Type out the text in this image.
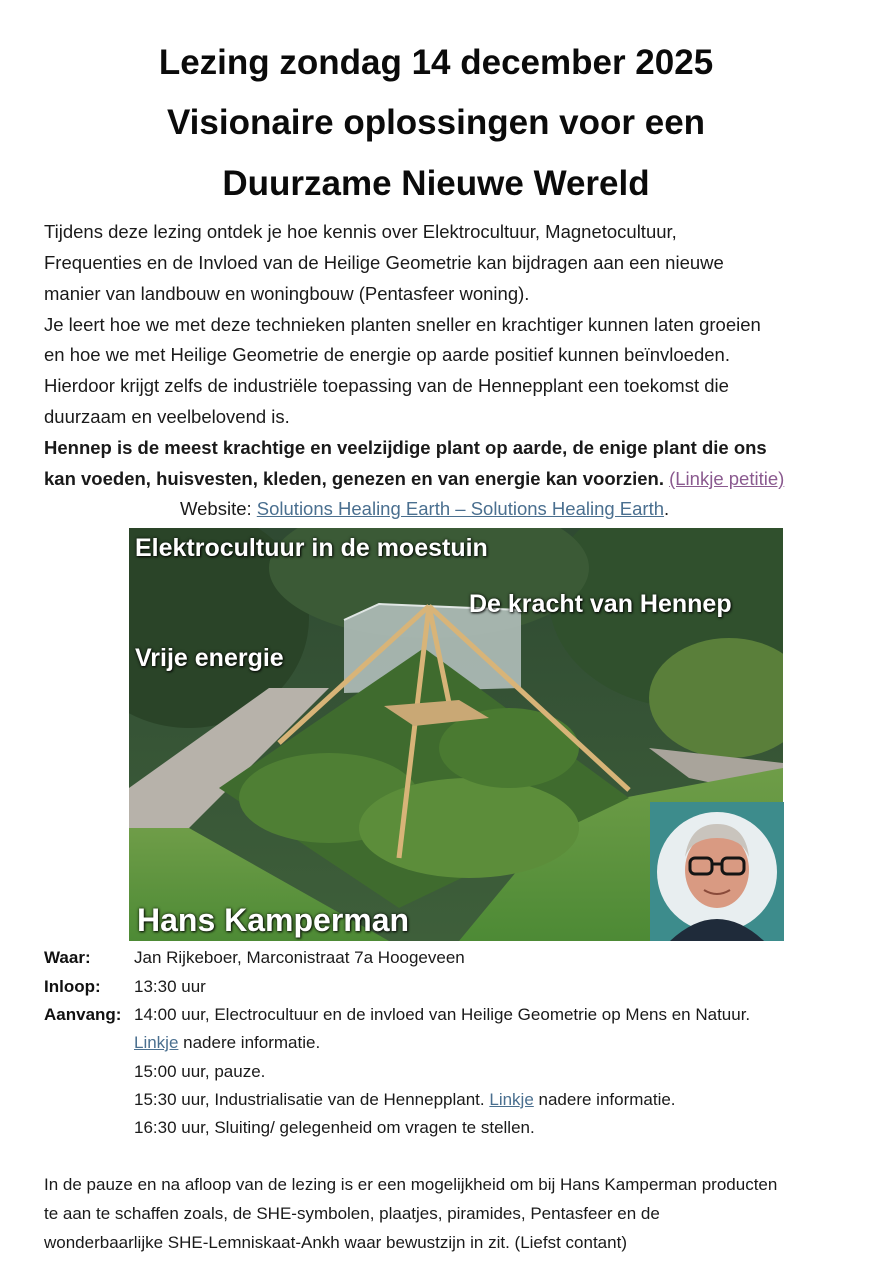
Lezing zondag 14 december 2025
Visionaire oplossingen voor een
Duurzame Nieuwe Wereld
Tijdens deze lezing ontdek je hoe kennis over Elektrocultuur, Magnetocultuur,
Frequenties en de Invloed van de Heilige Geometrie kan bijdragen aan een nieuwe
manier van landbouw en woningbouw (Pentasfeer woning).
Je leert hoe we met deze technieken planten sneller en krachtiger kunnen laten groeien
en hoe we met Heilige Geometrie de energie op aarde positief kunnen beïnvloeden.
Hierdoor krijgt zelfs de industriële toepassing van de Hennepplant een toekomst die
duurzaam en veelbelovend is.
Hennep is de meest krachtige en veelzijdige plant op aarde, de enige plant die ons
kan voeden, huisvesten, kleden, genezen en van energie kan voorzien. (Linkje petitie)
Website: Solutions Healing Earth – Solutions Healing Earth.
Elektrocultuur in de moestuin
De kracht van Hennep
Vrije energie
Hans Kamperman
Waar:	Jan Rijkeboer, Marconistraat 7a Hoogeveen
Inloop: 13:30 uur
Aanvang: 14:00 uur, Electrocultuur en de invloed van Heilige Geometrie op Mens en Natuur.
Linkje nadere informatie.
15:00 uur, pauze.
15:30 uur, Industrialisatie van de Hennepplant. Linkje nadere informatie.
16:30 uur, Sluiting/ gelegenheid om vragen te stellen.
In de pauze en na afloop van de lezing is er een mogelijkheid om bij Hans Kamperman producten
te aan te schaffen zoals, de SHE-symbolen, plaatjes, piramides, Pentasfeer en de
wonderbaarlijke SHE-Lemniskaat-Ankh waar bewustzijn in zit. (Liefst contant)
